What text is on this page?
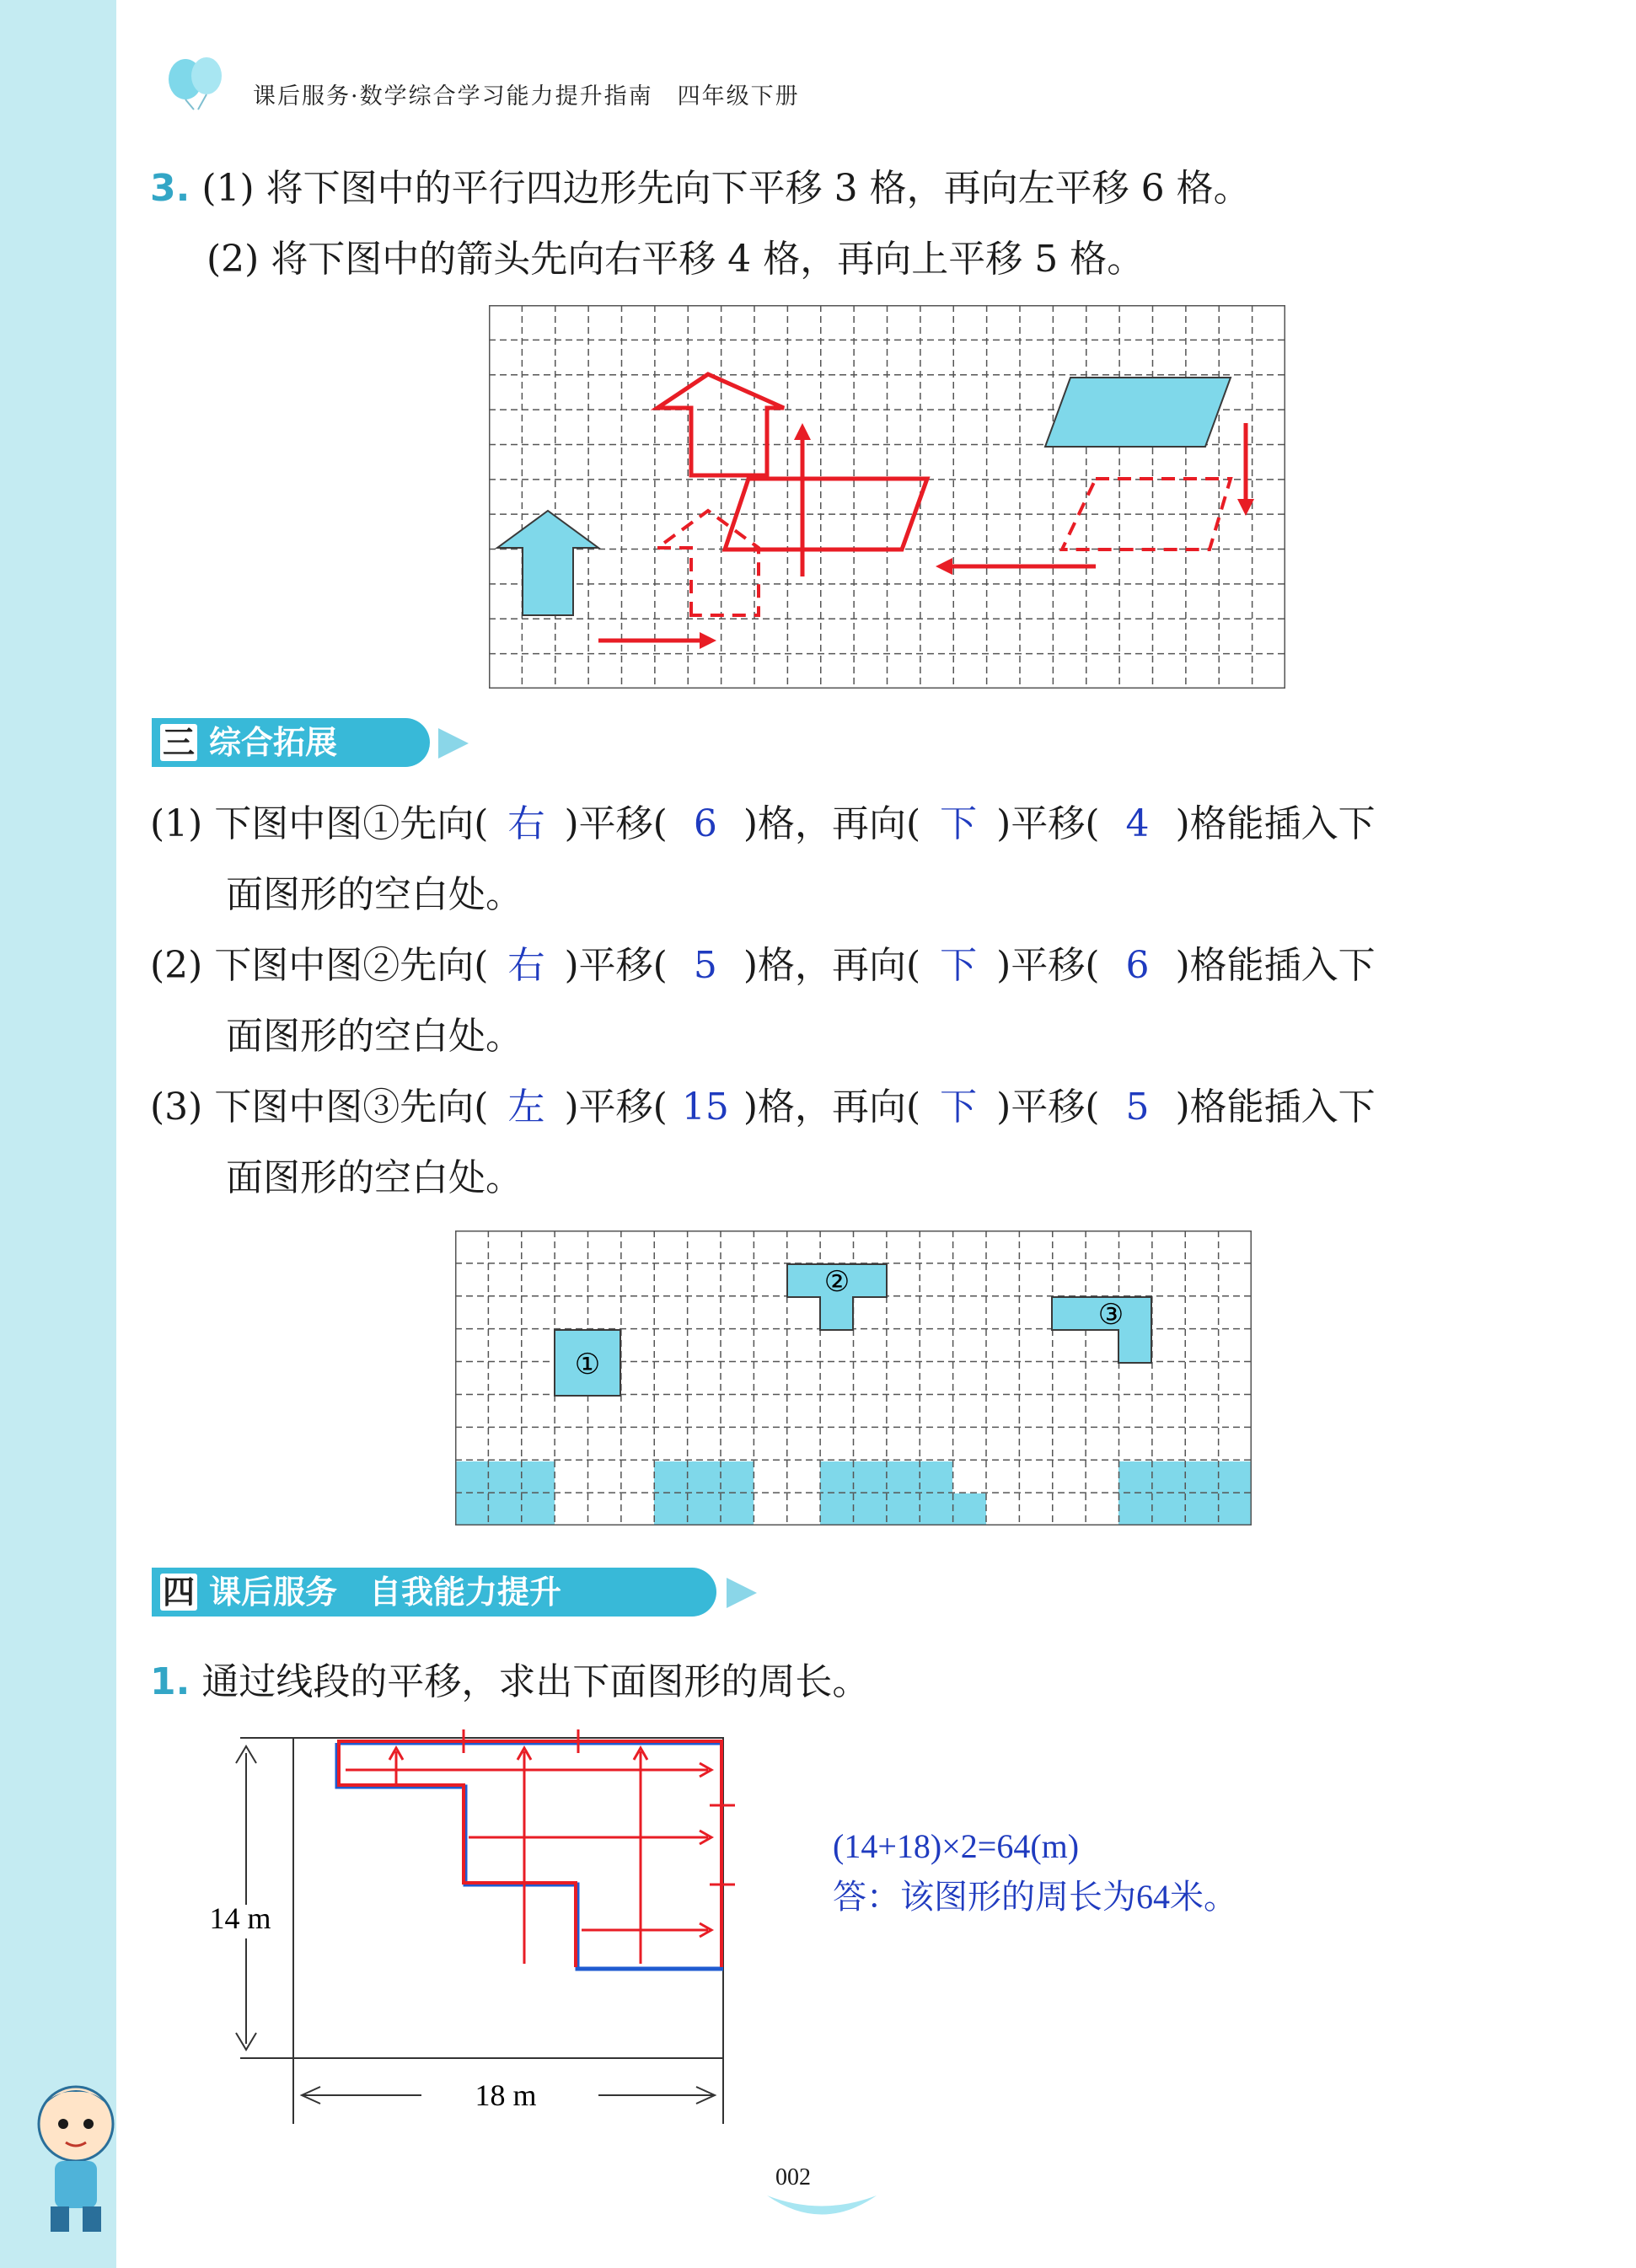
课后服务·数学综合学习能力提升指南　四年级下册
3. (1) 将下图中的平行四边形先向下平移 3 格，再向左平移 6 格。
(2) 将下图中的箭头先向右平移 4 格，再向上平移 5 格。
三 综合拓展
(1) 下图中图①先向( 右 )平移( 6 )格，再向( 下 )平移( 4 )格能插入下
面图形的空白处。
(2) 下图中图②先向( 右 )平移( 5 )格，再向( 下 )平移( 6 )格能插入下
面图形的空白处。
(3) 下图中图③先向( 左 )平移( 15 )格，再向( 下 )平移( 5 )格能插入下
面图形的空白处。
①
②
③
四 课后服务　自我能力提升
1. 通过线段的平移，求出下面图形的周长。
14 m
18 m
(14+18)×2=64(m)
答：该图形的周长为64米。
002
